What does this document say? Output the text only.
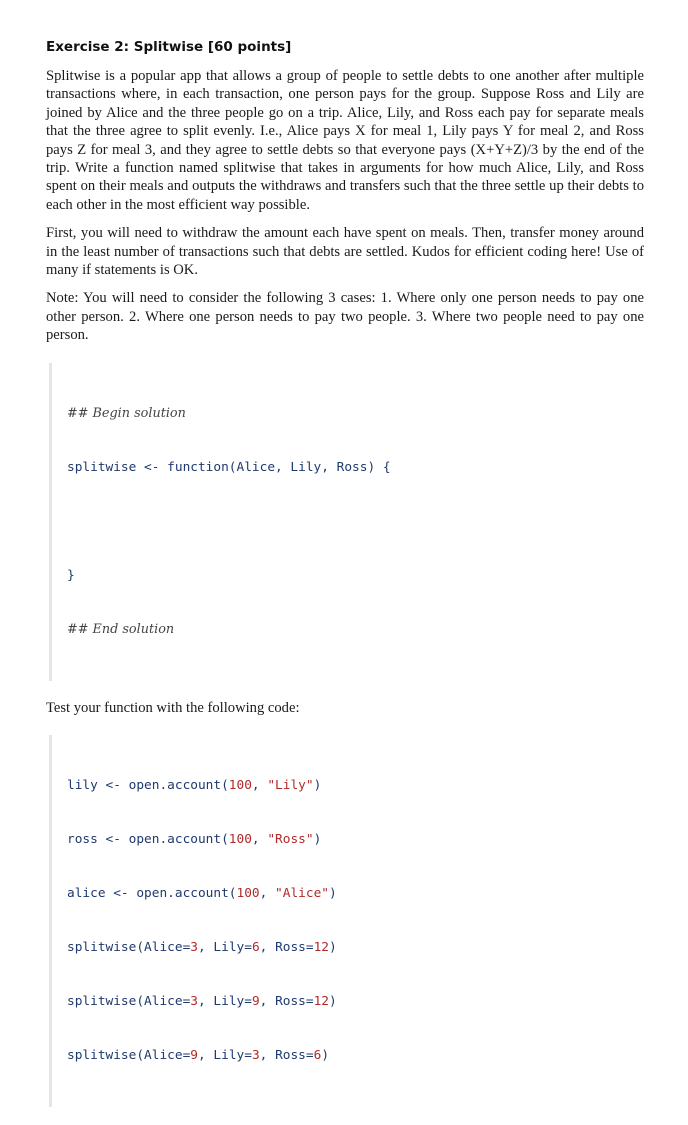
Exercise 2: Splitwise [60 points]

Splitwise is a popular app that allows a group of people to settle debts to one another after multiple transactions where, in each transaction, one person pays for the group. Suppose Ross and Lily are joined by Alice and the three people go on a trip. Alice, Lily, and Ross each pay for separate meals that the three agree to split evenly. I.e., Alice pays X for meal 1, Lily pays Y for meal 2, and Ross pays Z for meal 3, and they agree to settle debts so that everyone pays (X+Y+Z)/3 by the end of the trip. Write a function named splitwise that takes in arguments for how much Alice, Lily, and Ross spent on their meals and outputs the withdraws and transfers such that the three settle up their debts to each other in the most efficient way possible.

First, you will need to withdraw the amount each have spent on meals. Then, transfer money around in the least number of transactions such that debts are settled. Kudos for efficient coding here! Use of many if statements is OK.

Note: You will need to consider the following 3 cases: 1. Where only one person needs to pay one other person. 2. Where one person needs to pay two people. 3. Where two people need to pay one person.

## Begin solution

splitwise <- function(Alice, Lily, Ross) {

}

## End solution

Test your function with the following code:

lily <- open.account(100, "Lily")

ross <- open.account(100, "Ross")

alice <- open.account(100, "Alice")

splitwise(Alice=3, Lily=6, Ross=12)

splitwise(Alice=3, Lily=9, Ross=12)

splitwise(Alice=9, Lily=3, Ross=6)
